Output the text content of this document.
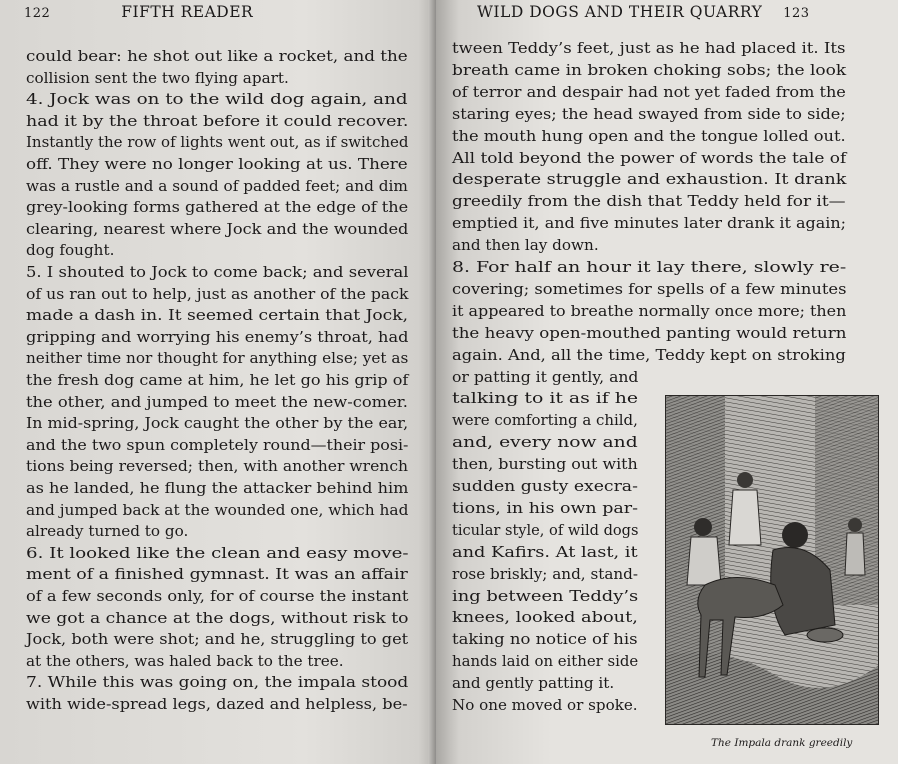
122	FIFTH READER
could bear: he shot out like a rocket, and the
collision sent the two flying apart.
4. Jock was on to the wild dog again, and
had it by the throat before it could recover.
Instantly the row of lights went out, as if switched
off. They were no longer looking at us. There
was a rustle and a sound of padded feet; and dim
grey-looking forms gathered at the edge of the
clearing, nearest where Jock and the wounded
dog fought.
5. I shouted to Jock to come back; and several
of us ran out to help, just as another of the pack
made a dash in. It seemed certain that Jock,
gripping and worrying his enemy’s throat, had
neither time nor thought for anything else; yet as
the fresh dog came at him, he let go his grip of
the other, and jumped to meet the new-comer.
In mid-spring, Jock caught the other by the ear,
and the two spun completely round—their posi-
tions being reversed; then, with another wrench
as he landed, he flung the attacker behind him
and jumped back at the wounded one, which had
already turned to go.
6. It looked like the clean and easy move-
ment of a finished gymnast. It was an affair
of a few seconds only, for of course the instant
we got a chance at the dogs, without risk to
Jock, both were shot; and he, struggling to get
at the others, was haled back to the tree.
7. While this was going on, the impala stood
with wide-spread legs, dazed and helpless, be-
WILD DOGS AND THEIR QUARRY 123
tween Teddy’s feet, just as he had placed it. Its
breath came in broken choking sobs; the look
of terror and despair had not yet faded from the
staring eyes; the head swayed from side to side;
the mouth hung open and the tongue lolled out.
All told beyond the power of words the tale of
desperate struggle and exhaustion. It drank
greedily from the dish that Teddy held for it—
emptied it, and five minutes later drank it again;
and then lay down.
8. For half an hour it lay there, slowly re-
covering; sometimes for spells of a few minutes
it appeared to breathe normally once more; then
the heavy open-mouthed panting would return
again. And, all the time, Teddy kept on stroking
or patting it gently, and
talking to it as if he
were comforting a child,
and, every now and
then, bursting out with
sudden gusty execra-
tions, in his own par-
ticular style, of wild dogs
and Kafirs. At last, it
rose briskly; and, stand-
ing between Teddy’s
knees, looked about,
taking no notice of his
hands laid on either side
and gently patting it.
No one moved or spoke.
The Impala drank greedily
